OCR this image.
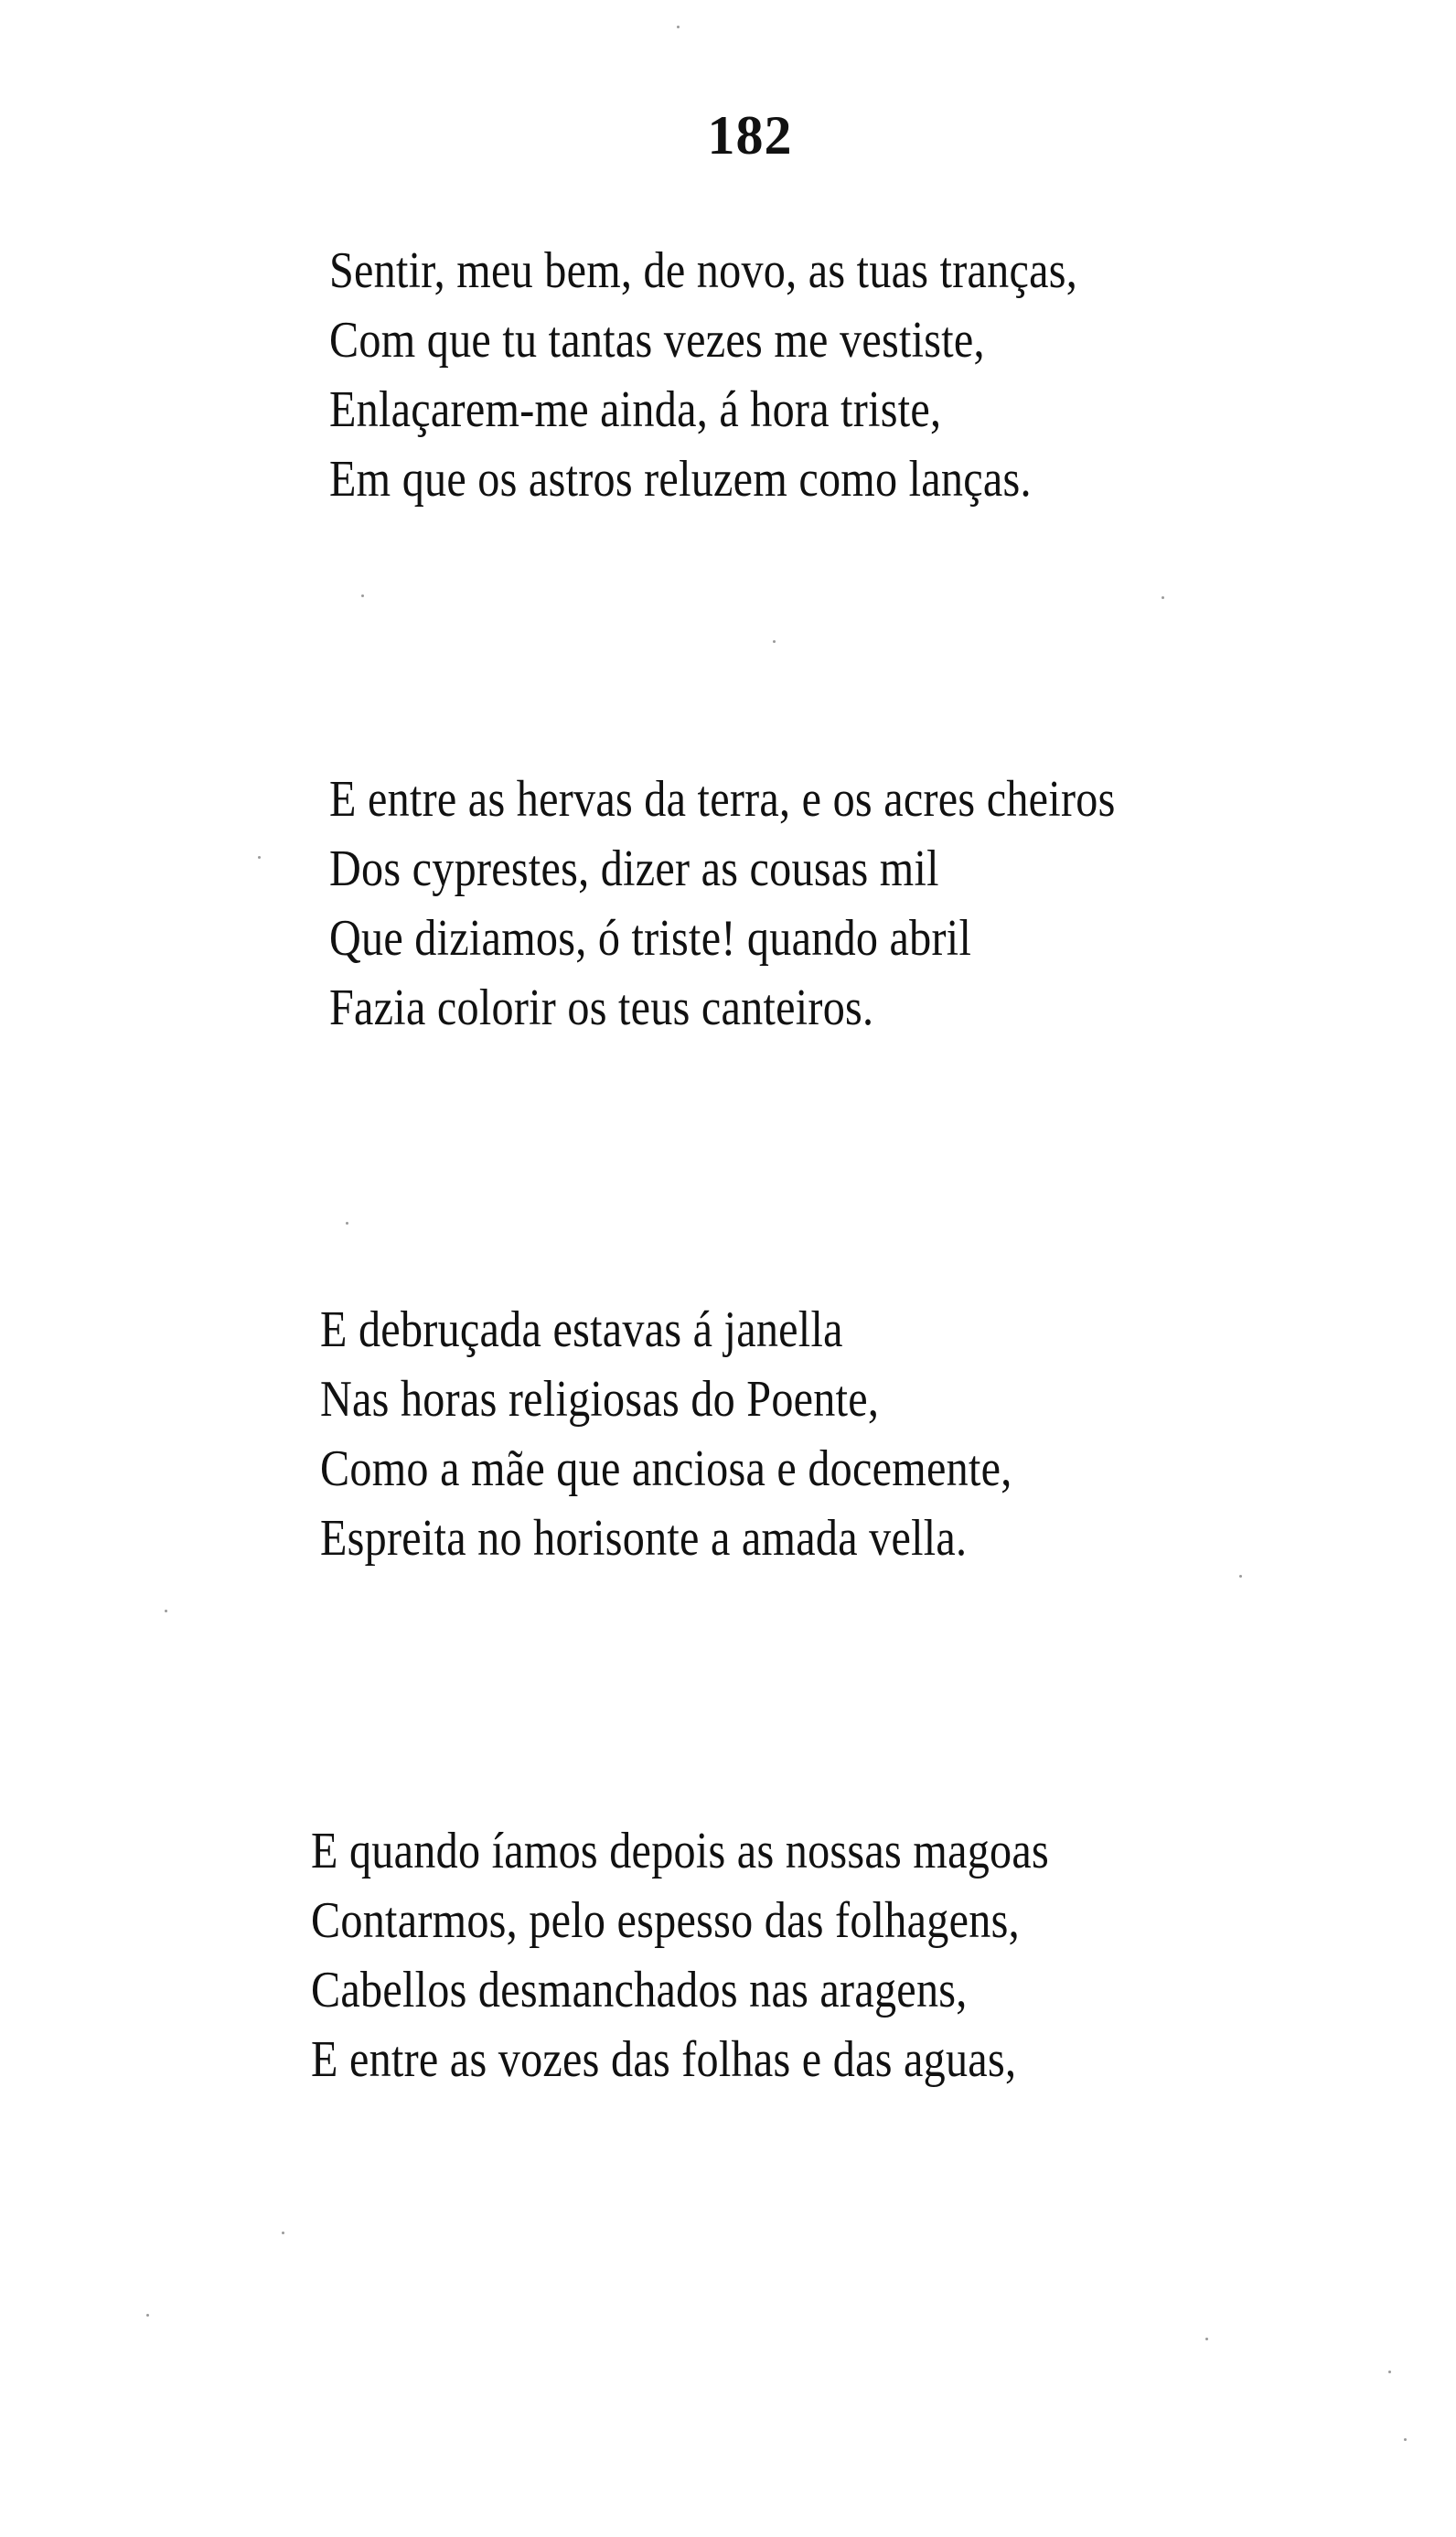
182
Sentir, meu bem, de novo, as tuas tranças,
Com que tu tantas vezes me vestiste,
Enlaçarem-me ainda, á hora triste,
Em que os astros reluzem como lanças.
E entre as hervas da terra, e os acres cheiros
Dos cyprestes, dizer as cousas mil
Que diziamos, ó triste! quando abril
Fazia colorir os teus canteiros.
E debruçada estavas á janella
Nas horas religiosas do Poente,
Como a mãe que anciosa e docemente,
Espreita no horisonte a amada vella.
E quando íamos depois as nossas magoas
Contarmos, pelo espesso das folhagens,
Cabellos desmanchados nas aragens,
E entre as vozes das folhas e das aguas,
